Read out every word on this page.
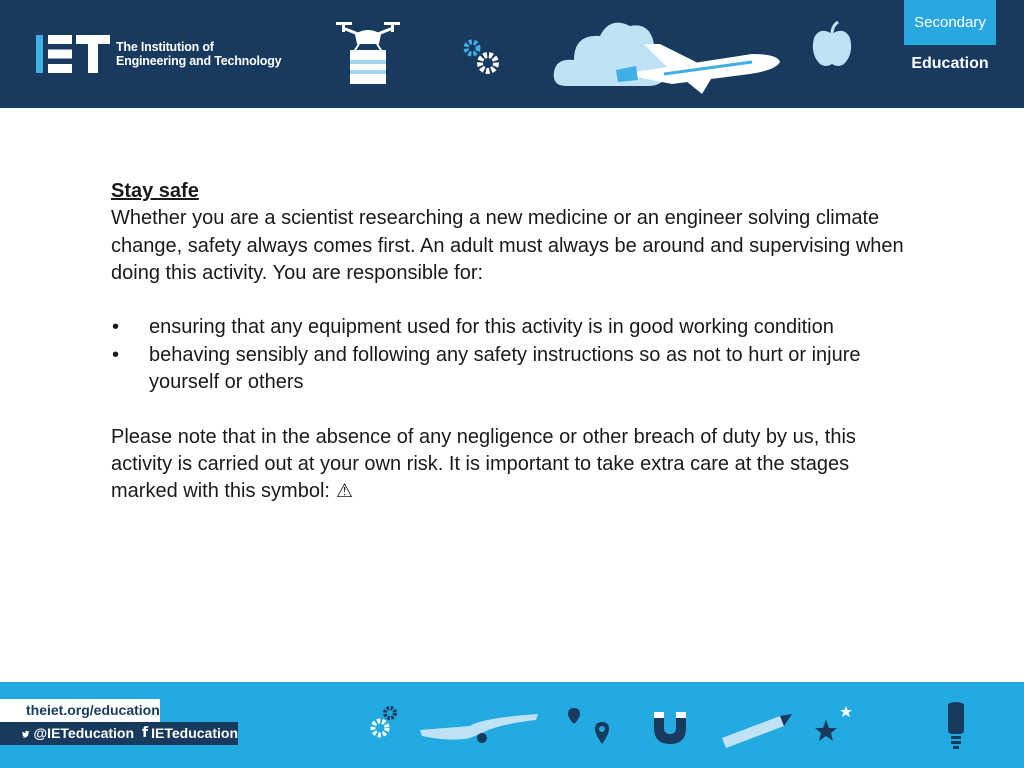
The Institution of
Engineering and Technology
Secondary
Education

Stay safe

Whether you are a scientist researching a new medicine or an engineer solving climate change, safety always comes first. An adult must always be around and supervising when doing this activity. You are responsible for:

• ensuring that any equipment used for this activity is in good working condition
• behaving sensibly and following any safety instructions so as not to hurt or injure yourself or others

Please note that in the absence of any negligence or other breach of duty by us, this activity is carried out at your own risk. It is important to take extra care at the stages marked with this symbol: ⚠

theiet.org/education
@IETeducation f IETeducation
